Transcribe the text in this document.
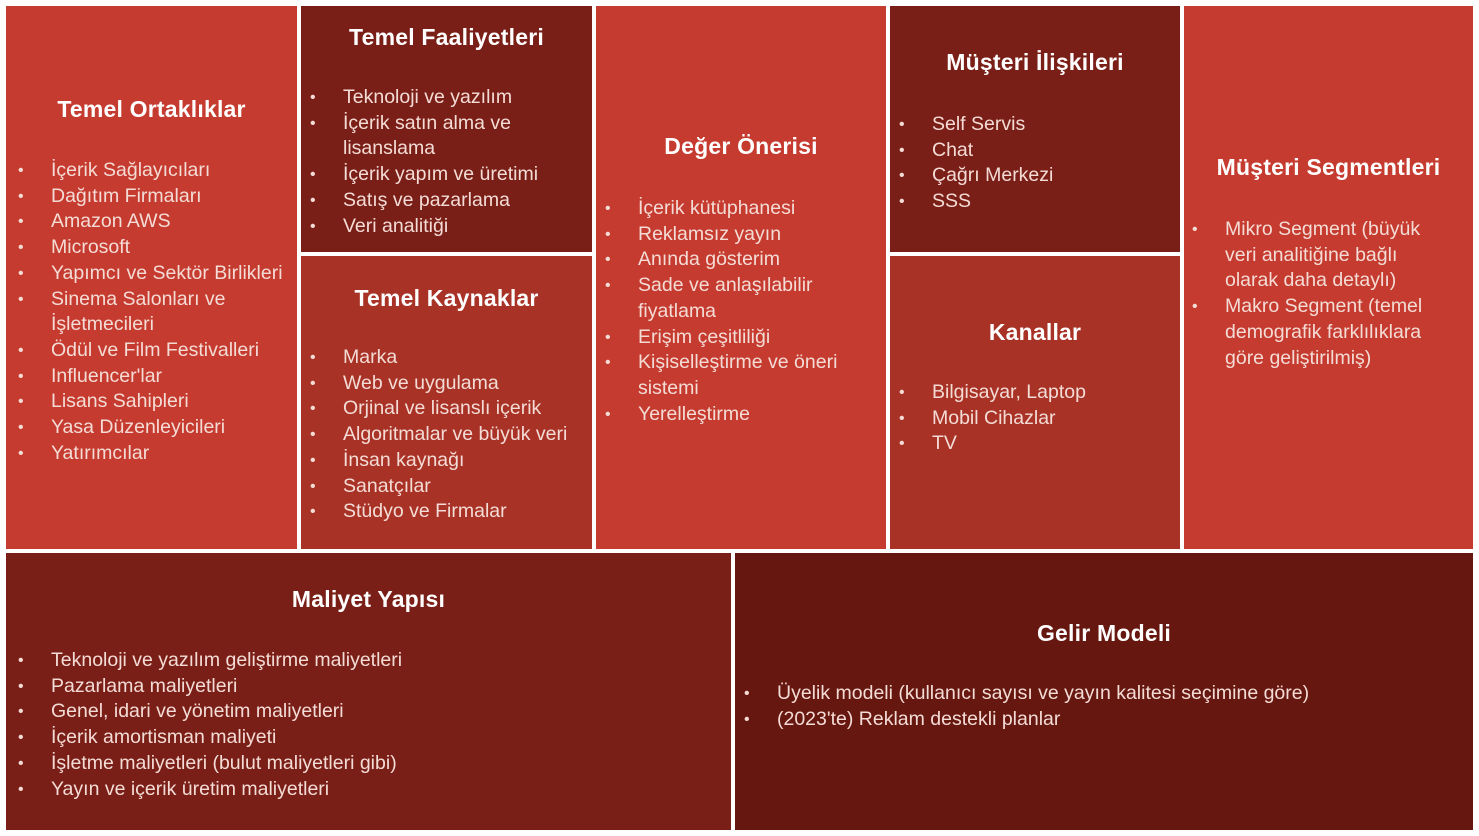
Temel Ortaklıklar
• İçerik Sağlayıcıları
• Dağıtım Firmaları
• Amazon AWS
• Microsoft
• Yapımcı ve Sektör Birlikleri
• Sinema Salonları ve İşletmecileri
• Ödül ve Film Festivalleri
• Influencer'lar
• Lisans Sahipleri
• Yasa Düzenleyicileri
• Yatırımcılar
Temel Faaliyetleri
• Teknoloji ve yazılım
• İçerik satın alma ve lisanslama
• İçerik yapım ve üretimi
• Satış ve pazarlama
• Veri analitiği
Temel Kaynaklar
• Marka
• Web ve uygulama
• Orjinal ve lisanslı içerik
• Algoritmalar ve büyük veri
• İnsan kaynağı
• Sanatçılar
• Stüdyo ve Firmalar
Değer Önerisi
• İçerik kütüphanesi
• Reklamsız yayın
• Anında gösterim
• Sade ve anlaşılabilir fiyatlama
• Erişim çeşitliliği
• Kişiselleştirme ve öneri sistemi
• Yerelleştirme
Müşteri İlişkileri
• Self Servis
• Chat
• Çağrı Merkezi
• SSS
Kanallar
• Bilgisayar, Laptop
• Mobil Cihazlar
• TV
Müşteri Segmentleri
• Mikro Segment (büyük veri analitiğine bağlı olarak daha detaylı)
• Makro Segment (temel demografik farklılıklara göre geliştirilmiş)
Maliyet Yapısı
• Teknoloji ve yazılım geliştirme maliyetleri
• Pazarlama maliyetleri
• Genel, idari ve yönetim maliyetleri
• İçerik amortisman maliyeti
• İşletme maliyetleri (bulut maliyetleri gibi)
• Yayın ve içerik üretim maliyetleri
Gelir Modeli
• Üyelik modeli (kullanıcı sayısı ve yayın kalitesi seçimine göre)
• (2023'te) Reklam destekli planlar
